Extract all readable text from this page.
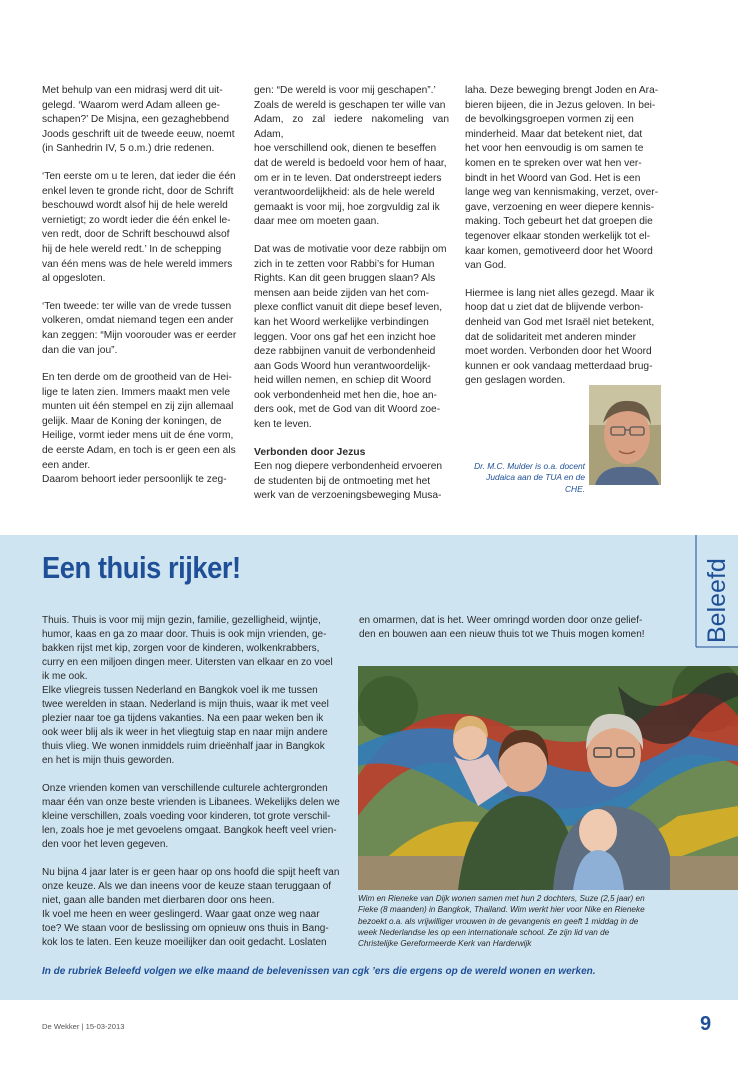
Met behulp van een midrasj werd dit uit-
gelegd. ‘Waarom werd Adam alleen ge-
schapen?’ De Misjna, een gezaghebbend
Joods geschrift uit de tweede eeuw, noemt
(in Sanhedrin IV, 5 o.m.) drie redenen.

‘Ten eerste om u te leren, dat ieder die één
enkel leven te gronde richt, door de Schrift
beschouwd wordt alsof hij de hele wereld
vernietigt; zo wordt ieder die één enkel le-
ven redt, door de Schrift beschouwd alsof
hij de hele wereld redt.’ In de schepping
van één mens was de hele wereld immers
al opgesloten.

‘Ten tweede: ter wille van de vrede tussen
volkeren, omdat niemand tegen een ander
kan zeggen: “Mijn voorouder was er eerder
dan die van jou”.

En ten derde om de grootheid van de Hei-
lige te laten zien. Immers maakt men vele
munten uit één stempel en zij zijn allemaal
gelijk. Maar de Koning der koningen, de
Heilige, vormt ieder mens uit de éne vorm,
de eerste Adam, en toch is er geen een als
een ander.

Daarom behoort ieder persoonlijk te zeg-

gen: “De wereld is voor mij geschapen”.’
Zoals de wereld is geschapen ter wille van
Adam, zo zal iedere nakomeling van Adam,
hoe verschillend ook, dienen te beseffen
dat de wereld is bedoeld voor hem of haar,
om er in te leven. Dat onderstreept ieders
verantwoordelijkheid: als de hele wereld
gemaakt is voor mij, hoe zorgvuldig zal ik
daar mee om moeten gaan.

Dat was de motivatie voor deze rabbijn om
zich in te zetten voor Rabbi’s for Human
Rights. Kan dit geen bruggen slaan? Als
mensen aan beide zijden van het com-
plexe conflict vanuit dit diepe besef leven,
kan het Woord werkelijke verbindingen
leggen. Voor ons gaf het een inzicht hoe
deze rabbijnen vanuit de verbondenheid
aan Gods Woord hun verantwoordelijk-
heid willen nemen, en schiep dit Woord
ook verbondenheid met hen die, hoe an-
ders ook, met de God van dit Woord zoe-
ken te leven.

Verbonden door Jezus

Een nog diepere verbondenheid ervoeren
de studenten bij de ontmoeting met het
werk van de verzoeningsbeweging Musa-

laha. Deze beweging brengt Joden en Ara-
bieren bijeen, die in Jezus geloven. In bei-
de bevolkingsgroepen vormen zij een
minderheid. Maar dat betekent niet, dat
het voor hen eenvoudig is om samen te
komen en te spreken over wat hen ver-
bindt in het Woord van God. Het is een
lange weg van kennismaking, verzet, over-
gave, verzoening en weer diepere kennis-
making. Toch gebeurt het dat groepen die
tegenover elkaar stonden werkelijk tot el-
kaar komen, gemotiveerd door het Woord
van God.

Hiermee is lang niet alles gezegd. Maar ik
hoop dat u ziet dat de blijvende verbon-
denheid van God met Israël niet betekent,
dat de solidariteit met anderen minder
moet worden. Verbonden door het Woord
kunnen er ook vandaag metterdaad brug-
gen geslagen worden.

Dr. M.C. Mulder is o.a. docent
Judaica aan de TUA en de CHE.
Een thuis rijker!	Beleefd

Thuis. Thuis is voor mij mijn gezin, familie, gezelligheid, wijntje,
humor, kaas en ga zo maar door. Thuis is ook mijn vrienden, ge-
bakken rijst met kip, zorgen voor de kinderen, wolkenkrabbers,
curry en een miljoen dingen meer. Uitersten van elkaar en zo voel
ik me ook.
Elke vliegreis tussen Nederland en Bangkok voel ik me tussen
twee werelden in staan. Nederland is mijn thuis, waar ik met veel
plezier naar toe ga tijdens vakanties. Na een paar weken ben ik
ook weer blij als ik weer in het vliegtuig stap en naar mijn andere
thuis vlieg. We wonen inmiddels ruim drieënhalf jaar in Bangkok
en het is mijn thuis geworden.

Onze vrienden komen van verschillende culturele achtergronden
maar één van onze beste vrienden is Libanees. Wekelijks delen we
kleine verschillen, zoals voeding voor kinderen, tot grote verschil-
len, zoals hoe je met gevoelens omgaat. Bangkok heeft veel vrien-
den voor het leven gegeven.

Nu bijna 4 jaar later is er geen haar op ons hoofd die spijt heeft van
onze keuze. Als we dan ineens voor de keuze staan teruggaan of
niet, gaan alle banden met dierbaren door ons heen.
Ik voel me heen en weer geslingerd. Waar gaat onze weg naar
toe? We staan voor de beslissing om opnieuw ons thuis in Bang-
kok los te laten. Een keuze moeilijker dan ooit gedacht. Loslaten

en omarmen, dat is het. Weer omringd worden door onze gelief-
den en bouwen aan een nieuw thuis tot we Thuis mogen komen!

Wim en Rieneke van Dijk wonen samen met hun 2 dochters, Suze (2,5 jaar) en
Fieke (8 maanden) in Bangkok, Thailand. Wim werkt hier voor Nike en Rieneke
bezoekt o.a. als vrijwilliger vrouwen in de gevangenis en geeft 1 middag in de
week Nederlandse les op een internationale school. Ze zijn lid van de
Christelijke Gereformeerde Kerk van Harderwijk
In de rubriek Beleefd volgen we elke maand de belevenissen van cgk ’ers die ergens op de wereld wonen en werken.
De Wekker | 15-03-2013	9
